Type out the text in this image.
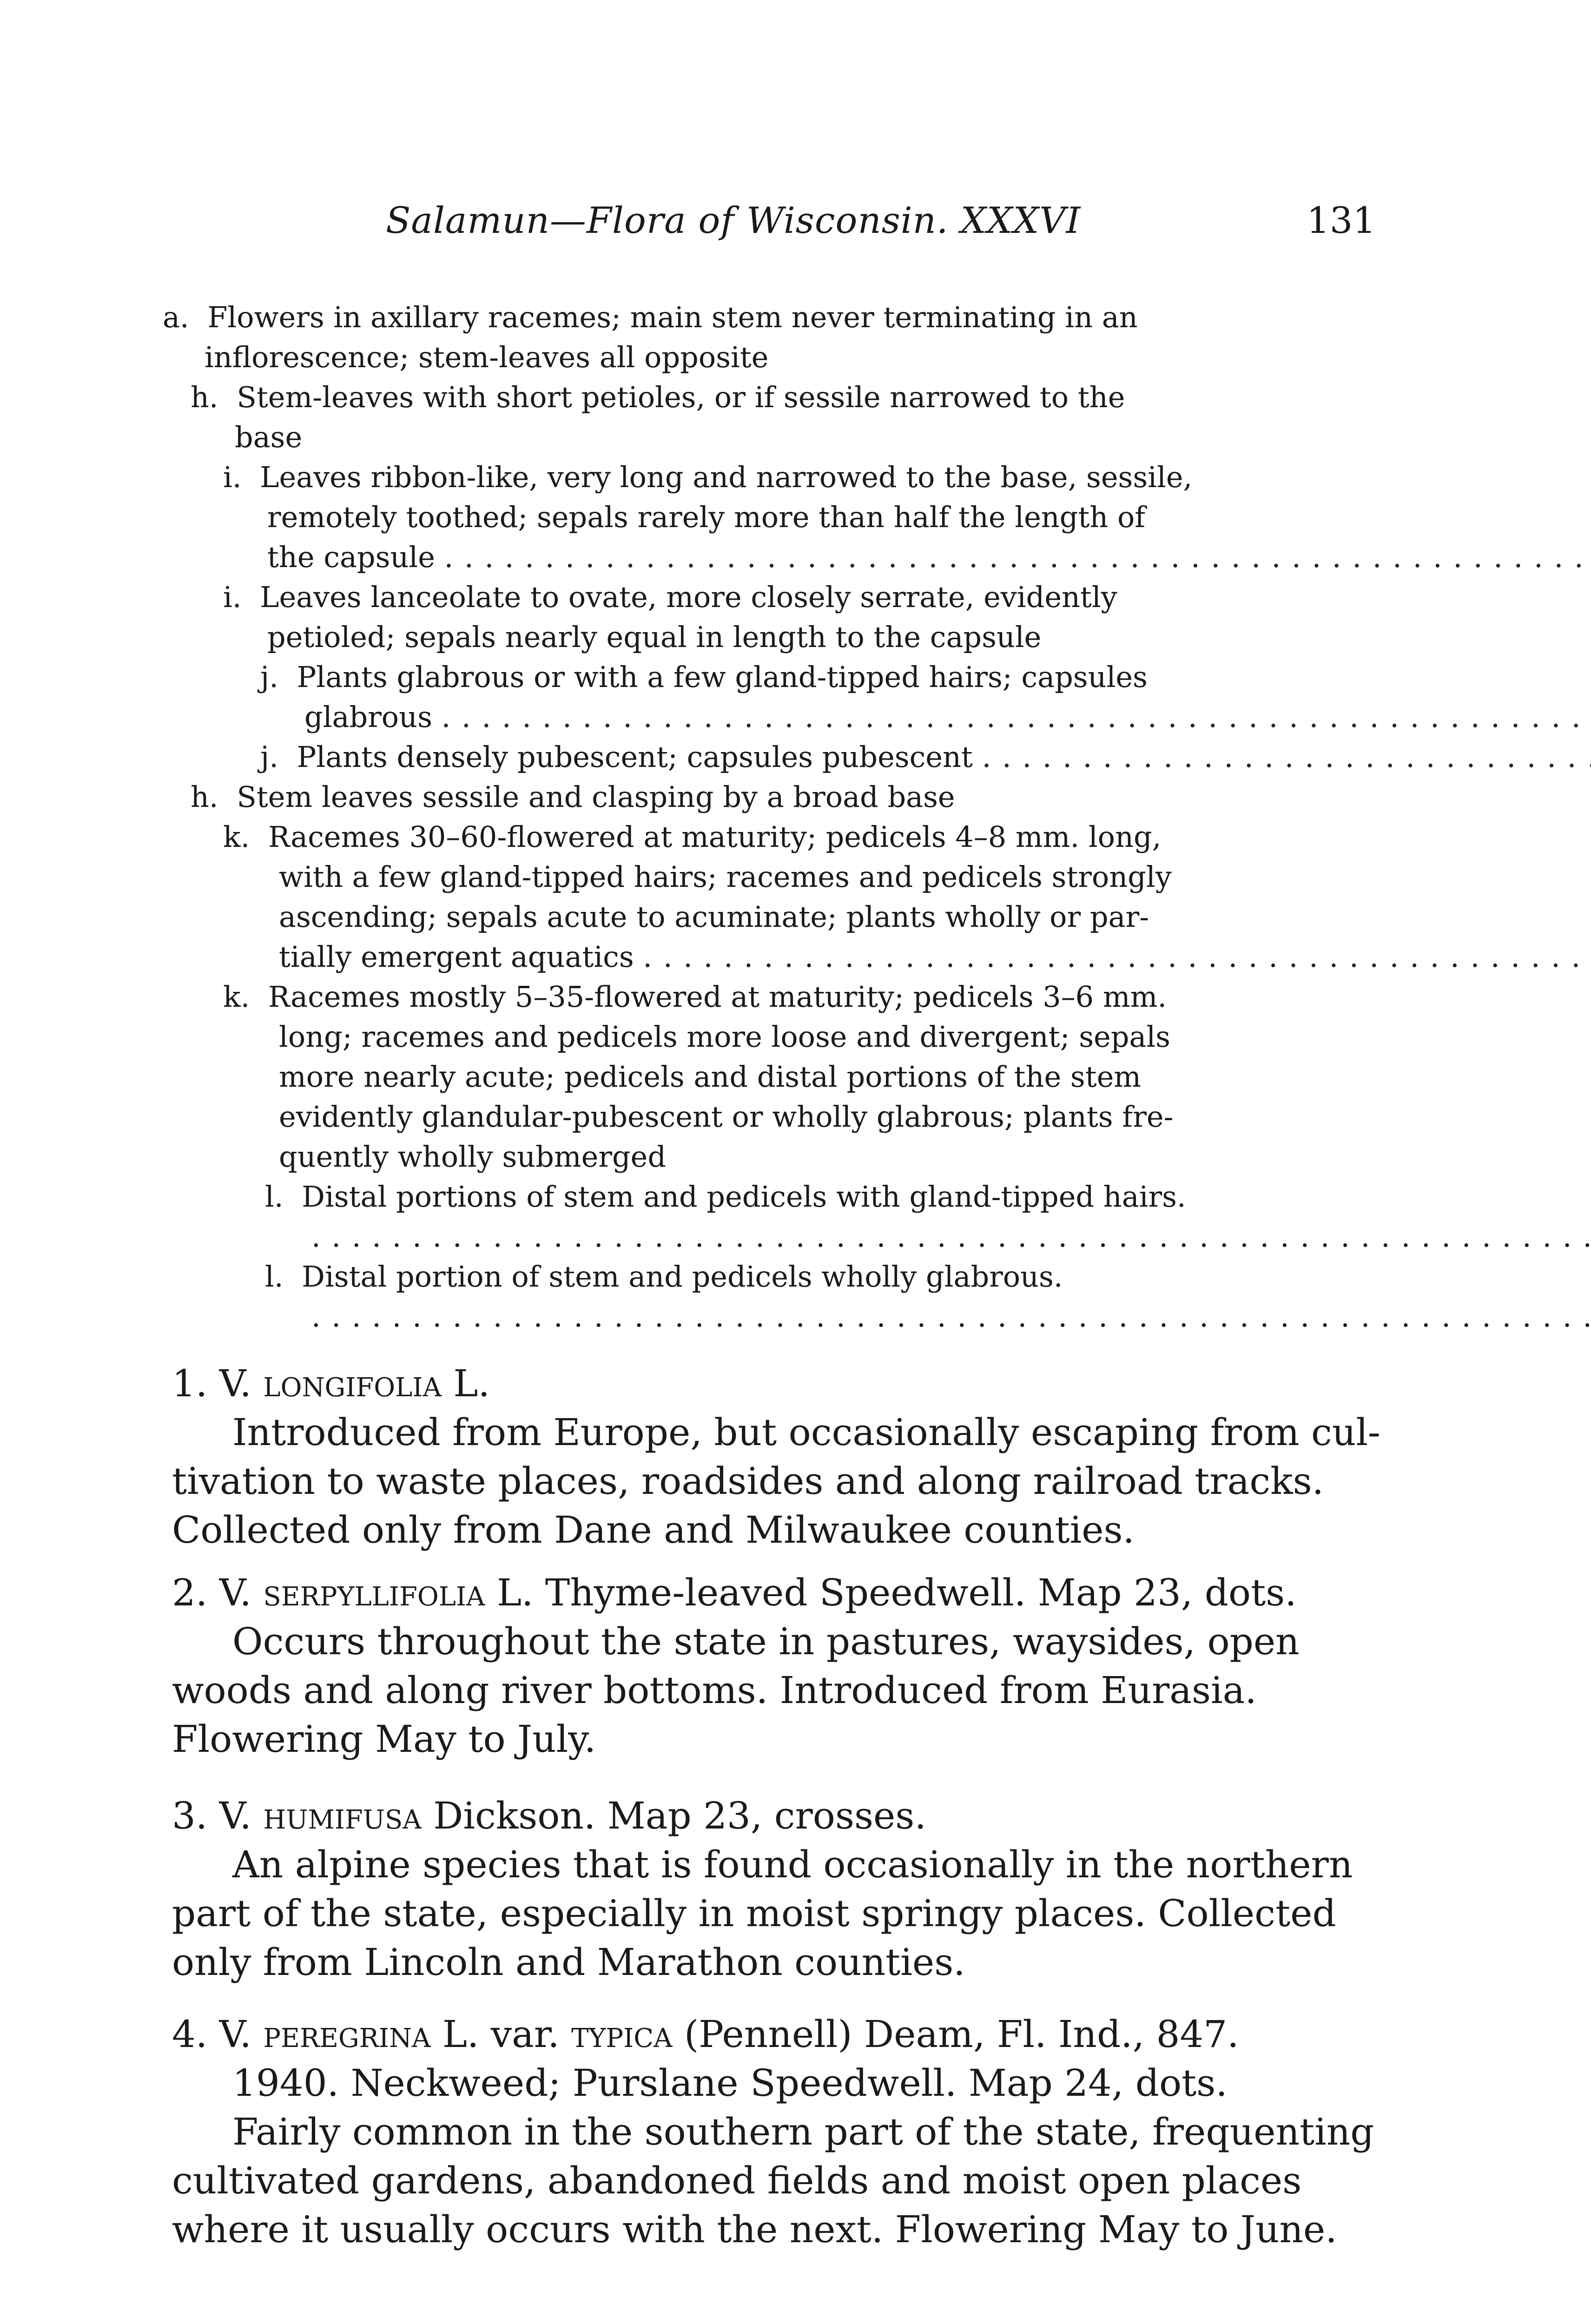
Salamun—Flora of Wisconsin. XXXVI	131
a. Flowers in axillary racemes; main stem never terminating in an
inflorescence; stem-leaves all opposite
h. Stem-leaves with short petioles, or if sessile narrowed to the
base
i. Leaves ribbon-like, very long and narrowed to the base, sessile,
remotely toothed; sepals rarely more than half the length of
the capsule . . .
i. Leaves lanceolate to ovate, more closely serrate, evidently
petioled; sepals nearly equal in length to the capsule
j. Plants glabrous or with a few gland-tipped hairs; capsules
glabrous . . .
j. Plants densely pubescent; capsules pubescent . . .
h. Stem leaves sessile and clasping by a broad base
k. Racemes 30–60-flowered at maturity; pedicels 4–8 mm. long,
with a few gland-tipped hairs; racemes and pedicels strongly
ascending; sepals acute to acuminate; plants wholly or par-
tially emergent aquatics . . .
k. Racemes mostly 5–35-flowered at maturity; pedicels 3–6 mm.
long; racemes and pedicels more loose and divergent; sepals
more nearly acute; pedicels and distal portions of the stem
evidently glandular-pubescent or wholly glabrous; plants fre-
quently wholly submerged
l. Distal portions of stem and pedicels with gland-tipped hairs.
. . .
l. Distal portion of stem and pedicels wholly glabrous.
. . .
1. V. longifolia L.
Introduced from Europe, but occasionally escaping from cul-
tivation to waste places, roadsides and along railroad tracks.
Collected only from Dane and Milwaukee counties.
2. V. serpyllifolia L. Thyme-leaved Speedwell. Map 23, dots.
Occurs throughout the state in pastures, waysides, open
woods and along river bottoms. Introduced from Eurasia.
Flowering May to July.
3. V. humifusa Dickson. Map 23, crosses.
An alpine species that is found occasionally in the northern
part of the state, especially in moist springy places. Collected
only from Lincoln and Marathon counties.
4. V. peregrina L. var. typica (Pennell) Deam, Fl. Ind., 847.
1940. Neckweed; Purslane Speedwell. Map 24, dots.
Fairly common in the southern part of the state, frequenting
cultivated gardens, abandoned fields and moist open places
where it usually occurs with the next. Flowering May to June.
